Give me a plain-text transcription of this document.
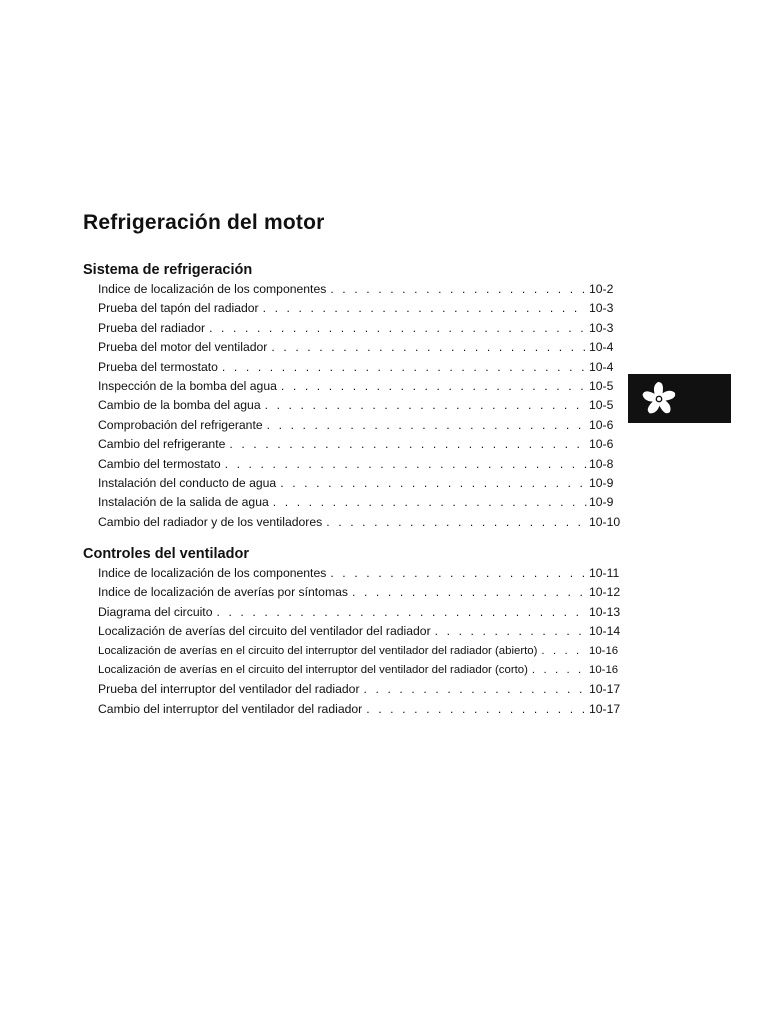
Refrigeración del motor
Sistema de refrigeración
Indice de localización de los componentes . . .	10-2
Prueba del tapón del radiador . . .	10-3
Prueba del radiador . . .	10-3
Prueba del motor del ventilador . . .	10-4
Prueba del termostato . . .	10-4
Inspección de la bomba del agua . . .	10-5
Cambio de la bomba del agua . . .	10-5
Comprobación del refrigerante . . .	10-6
Cambio del refrigerante . . .	10-6
Cambio del termostato . . .	10-8
Instalación del conducto de agua . . .	10-9
Instalación de la salida de agua . . .	10-9
Cambio del radiador y de los ventiladores . . .	10-10
Controles del ventilador
Indice de localización de los componentes . . .	10-11
Indice de localización de averías por síntomas . . .	10-12
Diagrama del circuito . . .	10-13
Localización de averías del circuito del ventilador del radiador . . .	10-14
Localización de averías en el circuito del interruptor del ventilador del radiador (abierto) . . .	10-16
Localización de averías en el circuito del interruptor del ventilador del radiador (corto) . . .	10-16
Prueba del interruptor del ventilador del radiador . . .	10-17
Cambio del interruptor del ventilador del radiador . . .	10-17
